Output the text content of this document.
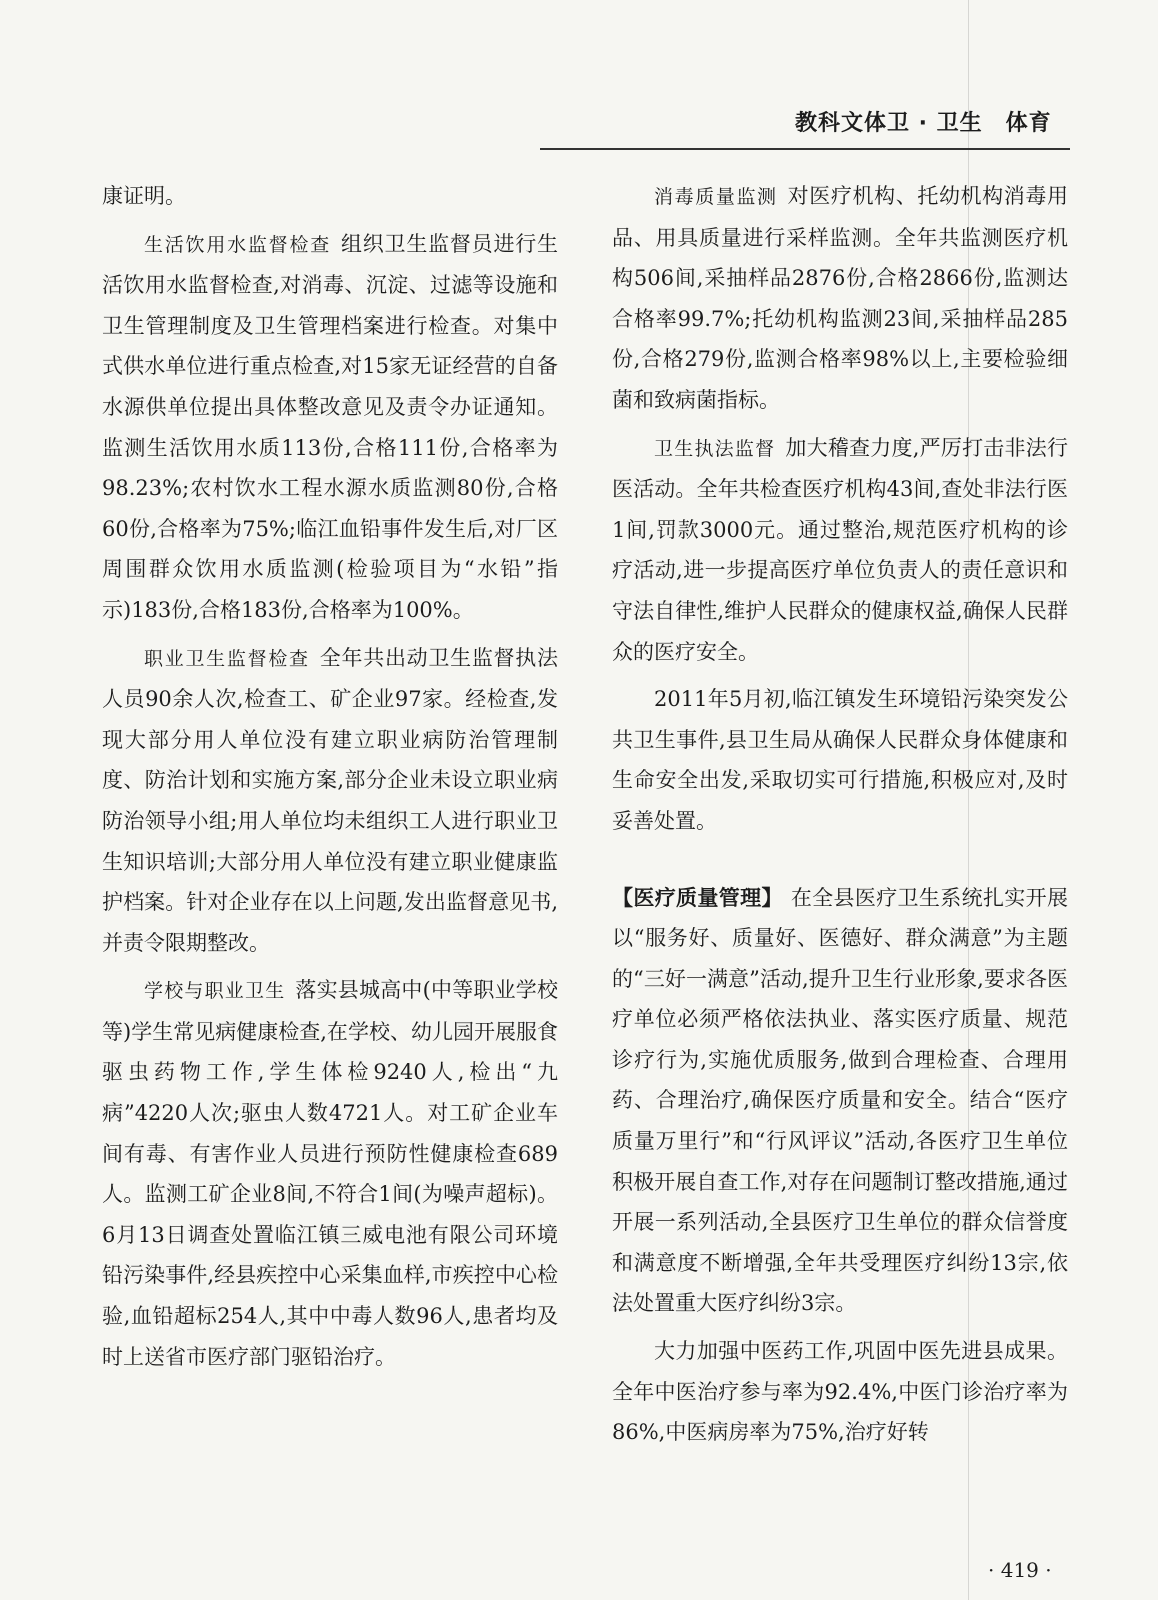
教科文体卫 · 卫生　体育

康证明。

生活饮用水监督检查 组织卫生监督员进行生活饮用水监督检查,对消毒、沉淀、过滤等设施和卫生管理制度及卫生管理档案进行检查。对集中式供水单位进行重点检查,对15家无证经营的自备水源供单位提出具体整改意见及责令办证通知。监测生活饮用水质113份,合格111份,合格率为98.23%;农村饮水工程水源水质监测80份,合格60份,合格率为75%;临江血铅事件发生后,对厂区周围群众饮用水质监测(检验项目为“水铅”指示)183份,合格183份,合格率为100%。

职业卫生监督检查 全年共出动卫生监督执法人员90余人次,检查工、矿企业97家。经检查,发现大部分用人单位没有建立职业病防治管理制度、防治计划和实施方案,部分企业未设立职业病防治领导小组;用人单位均未组织工人进行职业卫生知识培训;大部分用人单位没有建立职业健康监护档案。针对企业存在以上问题,发出监督意见书,并责令限期整改。

学校与职业卫生 落实县城高中(中等职业学校等)学生常见病健康检查,在学校、幼儿园开展服食驱虫药物工作,学生体检9240人,检出“九病”4220人次;驱虫人数4721人。对工矿企业车间有毒、有害作业人员进行预防性健康检查689人。监测工矿企业8间,不符合1间(为噪声超标)。6月13日调查处置临江镇三威电池有限公司环境铅污染事件,经县疾控中心采集血样,市疾控中心检验,血铅超标254人,其中中毒人数96人,患者均及时上送省市医疗部门驱铅治疗。

消毒质量监测 对医疗机构、托幼机构消毒用品、用具质量进行采样监测。全年共监测医疗机构506间,采抽样品2876份,合格2866份,监测达合格率99.7%;托幼机构监测23间,采抽样品285份,合格279份,监测合格率98%以上,主要检验细菌和致病菌指标。

卫生执法监督 加大稽查力度,严厉打击非法行医活动。全年共检查医疗机构43间,查处非法行医1间,罚款3000元。通过整治,规范医疗机构的诊疗活动,进一步提高医疗单位负责人的责任意识和守法自律性,维护人民群众的健康权益,确保人民群众的医疗安全。

2011年5月初,临江镇发生环境铅污染突发公共卫生事件,县卫生局从确保人民群众身体健康和生命安全出发,采取切实可行措施,积极应对,及时妥善处置。

【医疗质量管理】 在全县医疗卫生系统扎实开展以“服务好、质量好、医德好、群众满意”为主题的“三好一满意”活动,提升卫生行业形象,要求各医疗单位必须严格依法执业、落实医疗质量、规范诊疗行为,实施优质服务,做到合理检查、合理用药、合理治疗,确保医疗质量和安全。结合“医疗质量万里行”和“行风评议”活动,各医疗卫生单位积极开展自查工作,对存在问题制订整改措施,通过开展一系列活动,全县医疗卫生单位的群众信誉度和满意度不断增强,全年共受理医疗纠纷13宗,依法处置重大医疗纠纷3宗。

大力加强中医药工作,巩固中医先进县成果。全年中医治疗参与率为92.4%,中医门诊治疗率为86%,中医病房率为75%,治疗好转

· 419 ·
